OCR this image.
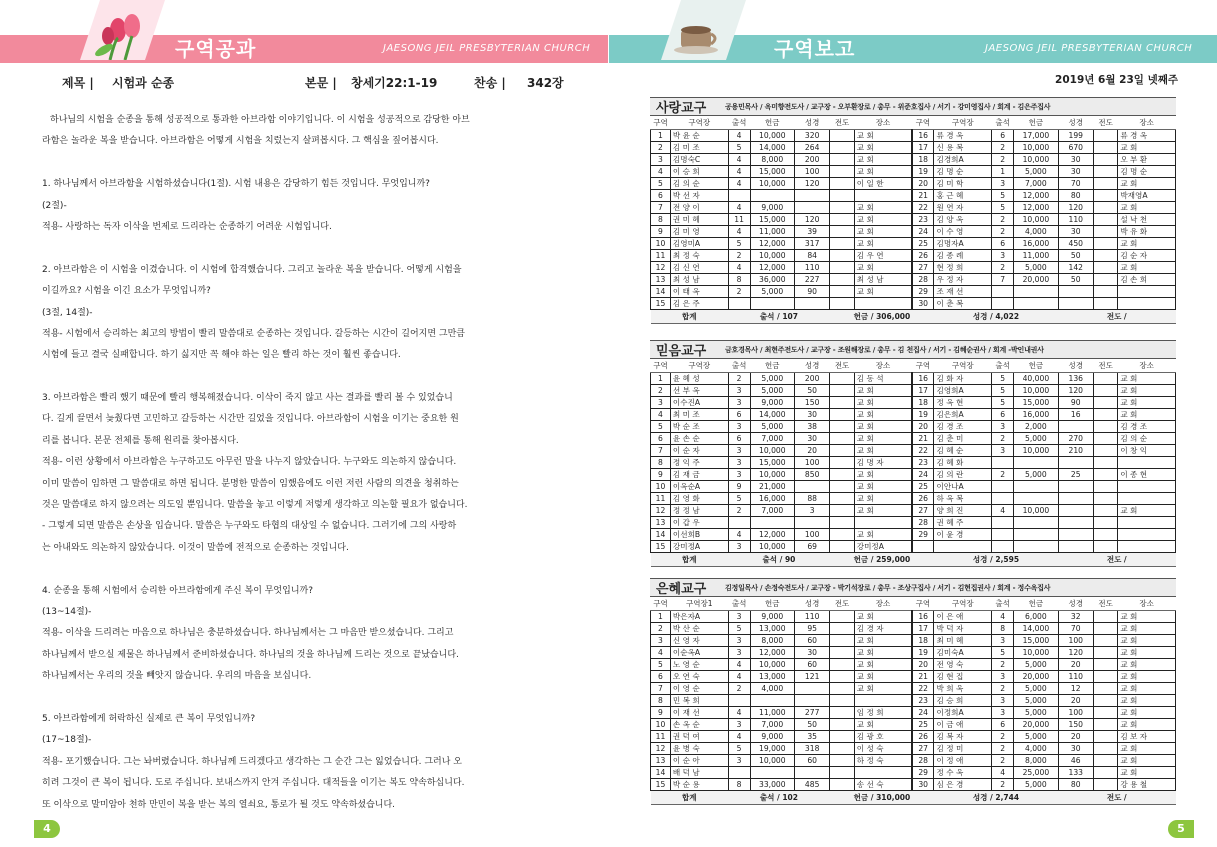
구역공과	JAESONG JEIL PRESBYTERIAN CHURCH
제목 | 시험과 순종	본문 | 창세기22:1-19	찬송 | 342장

하나님의 시험을 순종을 통해 성공적으로 통과한 아브라함 이야기입니다. 이 시험을 성공적으로 감당한 아브

라함은 놀라운 복을 받습니다. 아브라함은 어떻게 시험을 치렀는지 살펴봅시다. 그 핵심을 짚어봅시다.

1. 하나님께서 아브라함을 시험하셨습니다(1절). 시험 내용은 감당하기 힘든 것입니다. 무엇입니까?

(2절)-

적용- 사랑하는 독자 이삭을 번제로 드리라는 순종하기 어려운 시험입니다.

2. 아브라함은 이 시험을 이겼습니다. 이 시험에 합격했습니다. 그리고 놀라운 복을 받습니다. 어떻게 시험을

이길까요? 시험을 이긴 요소가 무엇입니까?

(3절, 14절)-

적용- 시험에서 승리하는 최고의 방법이 빨리 말씀대로 순종하는 것입니다. 갈등하는 시간이 길어지면 그만큼

시험에 들고 결국 실패합니다. 하기 싫지만 꼭 해야 하는 일은 빨리 하는 것이 훨씬 좋습니다.

3. 아브라함은 빨리 했기 때문에 빨리 행복해졌습니다. 이삭이 죽지 않고 사는 결과를 빨리 볼 수 있었습니

다. 길게 끌면서 늦췄다면 고민하고 갈등하는 시간만 길었을 것입니다. 아브라함이 시험을 이기는 중요한 원

리를 봅니다. 본문 전체를 통해 원리를 찾아봅시다.

적용- 이런 상황에서 아브라함은 누구하고도 아무런 말을 나누지 않았습니다. 누구와도 의논하지 않습니다.

이미 말씀이 임하면 그 말씀대로 하면 됩니다. 분명한 말씀이 임했음에도 이런 저런 사람의 의견을 청취하는

것은 말씀대로 하지 않으려는 의도일 뿐입니다. 말씀을 놓고 이렇게 저렇게 생각하고 의논할 필요가 없습니다.

- 그렇게 되면 말씀은 손상을 입습니다. 말씀은 누구와도 타협의 대상일 수 없습니다. 그러기에 그의 사랑하

는 아내와도 의논하지 않았습니다. 이것이 말씀에 전적으로 순종하는 것입니다.

4. 순종을 통해 시험에서 승리한 아브라함에게 주신 복이 무엇입니까?

(13~14절)-

적용- 이삭을 드리려는 마음으로 하나님은 충분하셨습니다. 하나님께서는 그 마음만 받으셨습니다. 그리고

하나님께서 받으실 제물은 하나님께서 준비하셨습니다. 하나님의 것을 하나님께 드리는 것으로 끝났습니다.

하나님께서는 우리의 것을 빼앗지 않습니다. 우리의 마음을 보십니다.

5. 아브라함에게 허락하신 실제로 큰 복이 무엇입니까?

(17~18절)-

적용- 포기했습니다. 그는 놔버렸습니다. 하나님께 드리겠다고 생각하는 그 순간 그는 잃었습니다. 그러나 오

히려 그것이 큰 복이 됩니다. 도로 주십니다. 보내스까지 안겨 주십니다. 대적들을 이기는 복도 약속하십니다.

또 이삭으로 말미암아 천하 만민이 복을 받는 복의 열쇠요, 통로가 될 것도 약속하셨습니다.

4
구역보고	JAESONG JEIL PRESBYTERIAN CHURCH
2019년 6월 23일 넷째주
사랑교구	공용민목사 / 옥미향전도사 / 교구장 - 오부환장로 / 총무 - 위준호집사 / 서기 - 강미영집사 / 회계 - 김은주집사
구역	구역장	출석	헌금	성경	전도	장소	구역	구역장	출석	헌금	성경	전도	장소
1	박 윤 순	4	10,000	320		교 회	16	류 경 옥	6	17,000	199		류 경 옥
2	김 미 조	5	14,000	264		교 회	17	신 용 복	2	10,000	670		교 회
3	김명숙C	4	8,000	200		교 회	18	김경희A	2	10,000	30		오 부 환
4	이 승 희	4	15,000	100		교 회	19	김 명 순	1	5,000	30		김 명 순
5	김 의 순	4	10,000	120		이 일 한	20	김 미 학	3	7,000	70		교 회
6	박 선 자						21	홍 근 혜	5	12,000	80		박재영A
7	전 양 이	4	9,000			교 회	22	원 연 자	5	12,000	120		교 회
8	권 미 혜	11	15,000	120		교 회	23	김 양 옥	2	10,000	110		설 낙 천
9	김 미 영	4	11,000	39		교 회	24	이 수 영	2	4,000	30		박 유 화
10	김영미A	5	12,000	317		교 회	25	김명자A	6	16,000	450		교 회
11	최 정 숙	2	10,000	84		김 우 연	26	김 종 례	3	11,000	50		김 순 자
12	김 신 연	4	12,000	110		교 회	27	현 정 희	2	5,000	142		교 회
13	최 성 남	8	36,000	227		최 성 남	28	우 정 자	7	20,000	50		김 손 희
14	이 태 옥	2	5,000	90		교 회	29	조 재 선					
15	김 은 주						30	이 춘 복					
합계		출석 / 107			헌금 / 306,000			성경 / 4,022			전도 /		
믿음교구	금호경목사 / 최현주전도사 / 교구장 - 조원해장로 / 총무 - 김 천집사 / 서기 - 김혜순권사 / 회계 -박인내권사
구역	구역장	출석	헌금	성경	전도	장소	구역	구역장	출석	헌금	성경	전도	장소
1	윤 혜 성	2	5,000	200		김 동 석	16	김 화 자	5	40,000	136		교 회
2	선 부 옥	3	5,000	50		교 회	17	김영희A	5	10,000	120		교 회
3	이수진A	3	9,000	150		교 회	18	정 옥 현	5	15,000	90		교 회
4	최 미 조	6	14,000	30		교 회	19	김은희A	6	16,000	16		교 회
5	박 순 조	3	5,000	38		교 회	20	김 경 조	3	2,000			김 경 조
6	윤 손 순	6	7,000	30		교 회	21	김 춘 미	2	5,000	270		김 의 순
7	이 순 자	3	10,000	20		교 회	22	김 혜 순	3	10,000	210		이 창 익
8	정 익 주	3	15,000	100		김 명 자	23	김 혜 화					
9	김 재 금	3	10,000	850		교 회	24	김 의 란	2	5,000	25		이 종 현
10	이옥순A	9	21,000			교 회	25	이안나A					
11	김 영 화	5	16,000	88		교 회	26	하 옥 복					
12	정 정 남	2	7,000	3		교 회	27	양 희 진	4	10,000			교 회
13	이 갑 우						28	권 혜 주					
14	이선희B	4	12,000	100		교 회	29	이 윤 경					
15	강미정A	3	10,000	69		강미정A							
합계		출석 / 90			헌금 / 259,000			성경 / 2,595			전도 /		
은혜교구	김정일목사 / 손정숙전도사 / 교구장 - 박기석장로 / 총무 - 조상구집사 / 서기 - 김현집권사 / 회계 - 정수옥집사
구역	구역장1	출석	헌금	성경	전도	장소	구역	구역장	출석	헌금	성경	전도	장소
1	박은자A	3	9,000	110		교 회	16	이 은 애	4	6,000	32		교 회
2	박 산 순	5	13,000	95		김 경 자	17	박 덕 자	8	14,000	70		교 회
3	신 영 자	3	8,000	60		교 회	18	최 미 혜	3	15,000	100		교 회
4	이순옥A	3	12,000	30		교 회	19	김미숙A	5	10,000	120		교 회
5	노 영 순	4	10,000	60		교 회	20	전 영 숙	2	5,000	20		교 회
6	오 연 숙	4	13,000	121		교 회	21	김 현 집	3	20,000	110		교 회
7	이 영 순	2	4,000			교 회	22	박 희 옥	2	5,000	12		교 회
8	민 복 희						23	김 승 희	3	5,000	20		교 회
9	이 재 선	4	11,000	277		임 정 희	24	이정희A	3	5,000	100		교 회
10	손 옥 순	3	7,000	50		교 회	25	이 금 애	6	20,000	150		교 회
11	권 덕 여	4	9,000	35		김 광 호	26	김 복 자	2	5,000	20		김 보 자
12	윤 병 숙	5	19,000	318		이 성 숙	27	김 정 미	2	4,000	30		교 회
13	이 순 아	3	10,000	60		하 정 숙	28	이 정 애	2	8,000	46		교 회
14	배 덕 남						29	정 수 옥	4	25,000	133		교 회
15	박 순 용	8	33,000	485		송 선 숙	30	심 은 경	2	5,000	80		강 용 철
합계		출석 / 102			헌금 / 310,000			성경 / 2,744			전도 /		
5
